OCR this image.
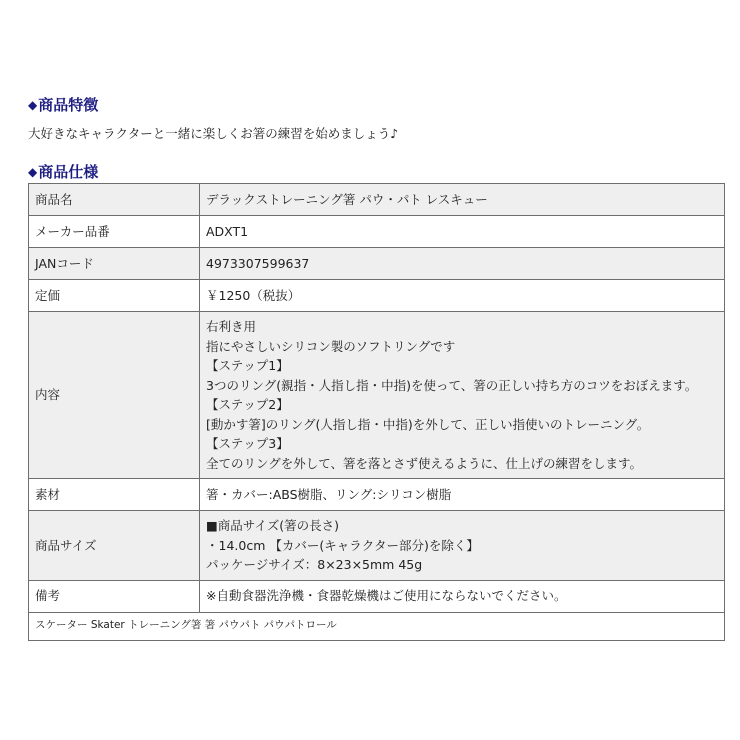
◆商品特徴
大好きなキャラクターと一緒に楽しくお箸の練習を始めましょう♪
◆商品仕様
商品名	デラックストレーニング箸 パウ・パト レスキュー
メーカー品番	ADXT1
JANコード	4973307599637
定価	￥1250（税抜）
内容	
右利き用
指にやさしいシリコン製のソフトリングです
【ステップ1】
3つのリング(親指・人指し指・中指)を使って、箸の正しい持ち方のコツをおぼえます。
【ステップ2】
[動かす箸]のリング(人指し指・中指)を外して、正しい指使いのトレーニング。
【ステップ3】
全てのリングを外して、箸を落とさず使えるように、仕上げの練習をします。

素材	箸・カバー:ABS樹脂、リング:シリコン樹脂
商品サイズ	■商品サイズ(箸の長さ)
・14.0cm 【カバー(キャラクター部分)を除く】
パッケージサイズ：8×23×5mm 45g

備考	※自動食器洗浄機・食器乾燥機はご使用にならないでください。
スケーター Skater トレーニング箸 箸 パウパト パウパトロール	
